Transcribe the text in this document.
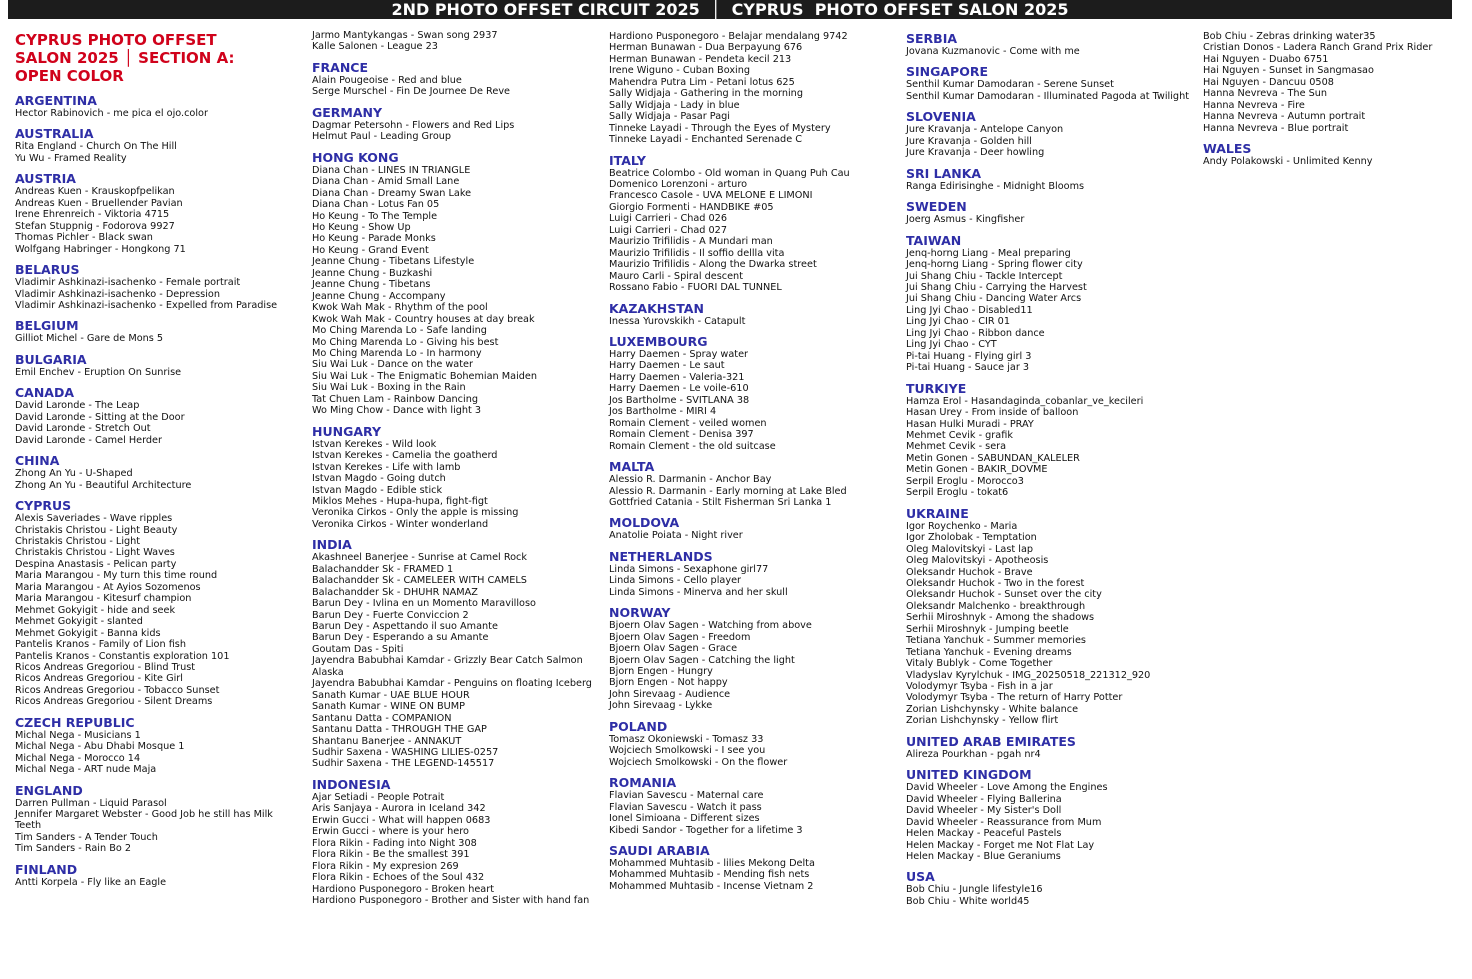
2ND PHOTO OFFSET CIRCUIT 2025  │  CYPRUS  PHOTO OFFSET SALON 2025
CYPRUS PHOTO OFFSET
SALON 2025 │ SECTION A:
OPEN COLOR
ARGENTINA
Hector Rabinovich - me pica el ojo.color
AUSTRALIA
Rita England - Church On The Hill
Yu Wu - Framed Reality
AUSTRIA
Andreas Kuen - Krauskopfpelikan
Andreas Kuen - Bruellender Pavian
Irene Ehrenreich - Viktoria 4715
Stefan Stuppnig - Fodorova 9927
Thomas Pichler - Black swan
Wolfgang Habringer - Hongkong 71
BELARUS
Vladimir Ashkinazi-isachenko - Female portrait
Vladimir Ashkinazi-isachenko - Depression
Vladimir Ashkinazi-isachenko - Expelled from Paradise
BELGIUM
Gilliot Michel - Gare de Mons 5
BULGARIA
Emil Enchev - Eruption On Sunrise
CANADA
David Laronde - The Leap
David Laronde - Sitting at the Door
David Laronde - Stretch Out
David Laronde - Camel Herder
CHINA
Zhong An Yu - U-Shaped
Zhong An Yu - Beautiful Architecture
CYPRUS
Alexis Saveriades - Wave ripples
Christakis Christou - Light Beauty
Christakis Christou - Light
Christakis Christou - Light Waves
Despina Anastasis - Pelican party
Maria Marangou - My turn this time round
Maria Marangou - At Ayios Sozomenos
Maria Marangou - Kitesurf champion
Mehmet Gokyigit - hide and seek
Mehmet Gokyigit - slanted
Mehmet Gokyigit - Banna kids
Pantelis Kranos - Family of Lion fish
Pantelis Kranos - Constantis exploration 101
Ricos Andreas Gregoriou - Blind Trust
Ricos Andreas Gregoriou - Kite Girl
Ricos Andreas Gregoriou - Tobacco Sunset
Ricos Andreas Gregoriou - Silent Dreams
CZECH REPUBLIC
Michal Nega - Musicians 1
Michal Nega - Abu Dhabi Mosque 1
Michal Nega - Morocco 14
Michal Nega - ART nude Maja
ENGLAND
Darren Pullman - Liquid Parasol
Jennifer Margaret Webster - Good Job he still has Milk Teeth
Tim Sanders - A Tender Touch
Tim Sanders - Rain Bo 2
FINLAND
Antti Korpela - Fly like an Eagle
Jarmo Mantykangas - Swan song 2937
Kalle Salonen - League 23
FRANCE
Alain Pougeoise - Red and blue
Serge Murschel - Fin De Journee De Reve
GERMANY
Dagmar Petersohn - Flowers and Red Lips
Helmut Paul - Leading Group
HONG KONG
Diana Chan - LINES IN TRIANGLE
Diana Chan - Amid Small Lane
Diana Chan - Dreamy Swan Lake
Diana Chan - Lotus Fan 05
Ho Keung - To The Temple
Ho Keung - Show Up
Ho Keung - Parade Monks
Ho Keung - Grand Event
Jeanne Chung - Tibetans Lifestyle
Jeanne Chung - Buzkashi
Jeanne Chung - Tibetans
Jeanne Chung - Accompany
Kwok Wah Mak - Rhythm of the pool
Kwok Wah Mak - Country houses at day break
Mo Ching Marenda Lo - Safe landing
Mo Ching Marenda Lo - Giving his best
Mo Ching Marenda Lo - In harmony
Siu Wai Luk - Dance on the water
Siu Wai Luk - The Enigmatic Bohemian Maiden
Siu Wai Luk - Boxing in the Rain
Tat Chuen Lam - Rainbow Dancing
Wo Ming Chow - Dance with light 3
HUNGARY
Istvan Kerekes - Wild look
Istvan Kerekes - Camelia the goatherd
Istvan Kerekes - Life with lamb
Istvan Magdo - Going dutch
Istvan Magdo - Edible stick
Miklos Mehes - Hupa-hupa, fight-figt
Veronika Cirkos - Only the apple is missing
Veronika Cirkos - Winter wonderland
INDIA
Akashneel Banerjee - Sunrise at Camel Rock
Balachandder Sk - FRAMED 1
Balachandder Sk - CAMELEER WITH CAMELS
Balachandder Sk - DHUHR NAMAZ
Barun Dey - Ivlina en un Momento Maravilloso
Barun Dey - Fuerte Conviccion 2
Barun Dey - Aspettando il suo Amante
Barun Dey - Esperando a su Amante
Goutam Das - Spiti
Jayendra Babubhai Kamdar - Grizzly Bear Catch Salmon Alaska
Jayendra Babubhai Kamdar - Penguins on floating Iceberg
Sanath Kumar - UAE BLUE HOUR
Sanath Kumar - WINE ON BUMP
Santanu Datta - COMPANION
Santanu Datta - THROUGH THE GAP
Shantanu Banerjee - ANNAKUT
Sudhir Saxena - WASHING LILIES-0257
Sudhir Saxena - THE LEGEND-145517
INDONESIA
Ajar Setiadi - People Potrait
Aris Sanjaya - Aurora in Iceland 342
Erwin Gucci - What will happen 0683
Erwin Gucci - where is your hero
Flora Rikin - Fading into Night 308
Flora Rikin - Be the smallest 391
Flora Rikin - My expresion 269
Flora Rikin - Echoes of the Soul 432
Hardiono Pusponegoro - Broken heart
Hardiono Pusponegoro - Brother and Sister with hand fan
Hardiono Pusponegoro - Belajar mendalang 9742
Herman Bunawan - Dua Berpayung 676
Herman Bunawan - Pendeta kecil 213
Irene Wiguno - Cuban Boxing
Mahendra Putra Lim - Petani lotus 625
Sally Widjaja - Gathering in the morning
Sally Widjaja - Lady in blue
Sally Widjaja - Pasar Pagi
Tinneke Layadi - Through the Eyes of Mystery
Tinneke Layadi - Enchanted Serenade C
ITALY
Beatrice Colombo - Old woman in Quang Puh Cau
Domenico Lorenzoni - arturo
Francesco Casole - UVA MELONE E LIMONI
Giorgio Formenti - HANDBIKE #05
Luigi Carrieri - Chad 026
Luigi Carrieri - Chad 027
Maurizio Trifilidis - A Mundari man
Maurizio Trifilidis - Il soffio dellla vita
Maurizio Trifilidis - Along the Dwarka street
Mauro Carli - Spiral descent
Rossano Fabio - FUORI DAL TUNNEL
KAZAKHSTAN
Inessa Yurovskikh - Catapult
LUXEMBOURG
Harry Daemen - Spray water
Harry Daemen - Le saut
Harry Daemen - Valeria-321
Harry Daemen - Le voile-610
Jos Bartholme - SVITLANA 38
Jos Bartholme - MIRI 4
Romain Clement - veiled women
Romain Clement - Denisa 397
Romain Clement - the old suitcase
MALTA
Alessio R. Darmanin - Anchor Bay
Alessio R. Darmanin - Early morning at Lake Bled
Gottfried Catania - Stilt Fisherman Sri Lanka 1
MOLDOVA
Anatolie Poiata - Night river
NETHERLANDS
Linda Simons - Sexaphone girl77
Linda Simons - Cello player
Linda Simons - Minerva and her skull
NORWAY
Bjoern Olav Sagen - Watching from above
Bjoern Olav Sagen - Freedom
Bjoern Olav Sagen - Grace
Bjoern Olav Sagen - Catching the light
Bjorn Engen - Hungry
Bjorn Engen - Not happy
John Sirevaag - Audience
John Sirevaag - Lykke
POLAND
Tomasz Okoniewski - Tomasz 33
Wojciech Smolkowski - I see you
Wojciech Smolkowski - On the flower
ROMANIA
Flavian Savescu - Maternal care
Flavian Savescu - Watch it pass
Ionel Simioana - Different sizes
Kibedi Sandor - Together for a lifetime 3
SAUDI ARABIA
Mohammed Muhtasib - lilies Mekong Delta
Mohammed Muhtasib - Mending fish nets
Mohammed Muhtasib - Incense Vietnam 2
SERBIA
Jovana Kuzmanovic - Come with me
SINGAPORE
Senthil Kumar Damodaran - Serene Sunset
Senthil Kumar Damodaran - Illuminated Pagoda at Twilight
SLOVENIA
Jure Kravanja - Antelope Canyon
Jure Kravanja - Golden hill
Jure Kravanja - Deer howling
SRI LANKA
Ranga Edirisinghe - Midnight Blooms
SWEDEN
Joerg Asmus - Kingfisher
TAIWAN
Jenq-horng Liang - Meal preparing
Jenq-horng Liang - Spring flower city
Jui Shang Chiu - Tackle Intercept
Jui Shang Chiu - Carrying the Harvest
Jui Shang Chiu - Dancing Water Arcs
Ling Jyi Chao - Disabled11
Ling Jyi Chao - CIR 01
Ling Jyi Chao - Ribbon dance
Ling Jyi Chao - CYT
Pi-tai Huang - Flying girl 3
Pi-tai Huang - Sauce jar 3
TURKIYE
Hamza Erol - Hasandaginda_cobanlar_ve_kecileri
Hasan Urey - From inside of balloon
Hasan Hulki Muradi - PRAY
Mehmet Cevik - grafik
Mehmet Cevik - sera
Metin Gonen - SABUNDAN_KALELER
Metin Gonen - BAKIR_DOVME
Serpil Eroglu - Morocco3
Serpil Eroglu - tokat6
UKRAINE
Igor Roychenko - Maria
Igor Zholobak - Temptation
Oleg Malovitskyi - Last lap
Oleg Malovitskyi - Apotheosis
Oleksandr Huchok - Brave
Oleksandr Huchok - Two in the forest
Oleksandr Huchok - Sunset over the city
Oleksandr Malchenko - breakthrough
Serhii Miroshnyk - Among the shadows
Serhii Miroshnyk - Jumping beetle
Tetiana Yanchuk - Summer memories
Tetiana Yanchuk - Evening dreams
Vitaly Bublyk - Come Together
Vladyslav Kyrylchuk - IMG_20250518_221312_920
Volodymyr Tsyba - Fish in a jar
Volodymyr Tsyba - The return of Harry Potter
Zorian Lishchynsky - White balance
Zorian Lishchynsky - Yellow flirt
UNITED ARAB EMIRATES
Alireza Pourkhan - pgah nr4
UNITED KINGDOM
David Wheeler - Love Among the Engines
David Wheeler - Flying Ballerina
David Wheeler - My Sister's Doll
David Wheeler - Reassurance from Mum
Helen Mackay - Peaceful Pastels
Helen Mackay - Forget me Not Flat Lay
Helen Mackay - Blue Geraniums
USA
Bob Chiu - Jungle lifestyle16
Bob Chiu - White world45
Bob Chiu - Zebras drinking water35
Cristian Donos - Ladera Ranch Grand Prix Rider
Hai Nguyen - Duabo 6751
Hai Nguyen - Sunset in Sangmasao
Hai Nguyen - Dancuu 0508
Hanna Nevreva - The Sun
Hanna Nevreva - Fire
Hanna Nevreva - Autumn portrait
Hanna Nevreva - Blue portrait
WALES
Andy Polakowski - Unlimited Kenny
